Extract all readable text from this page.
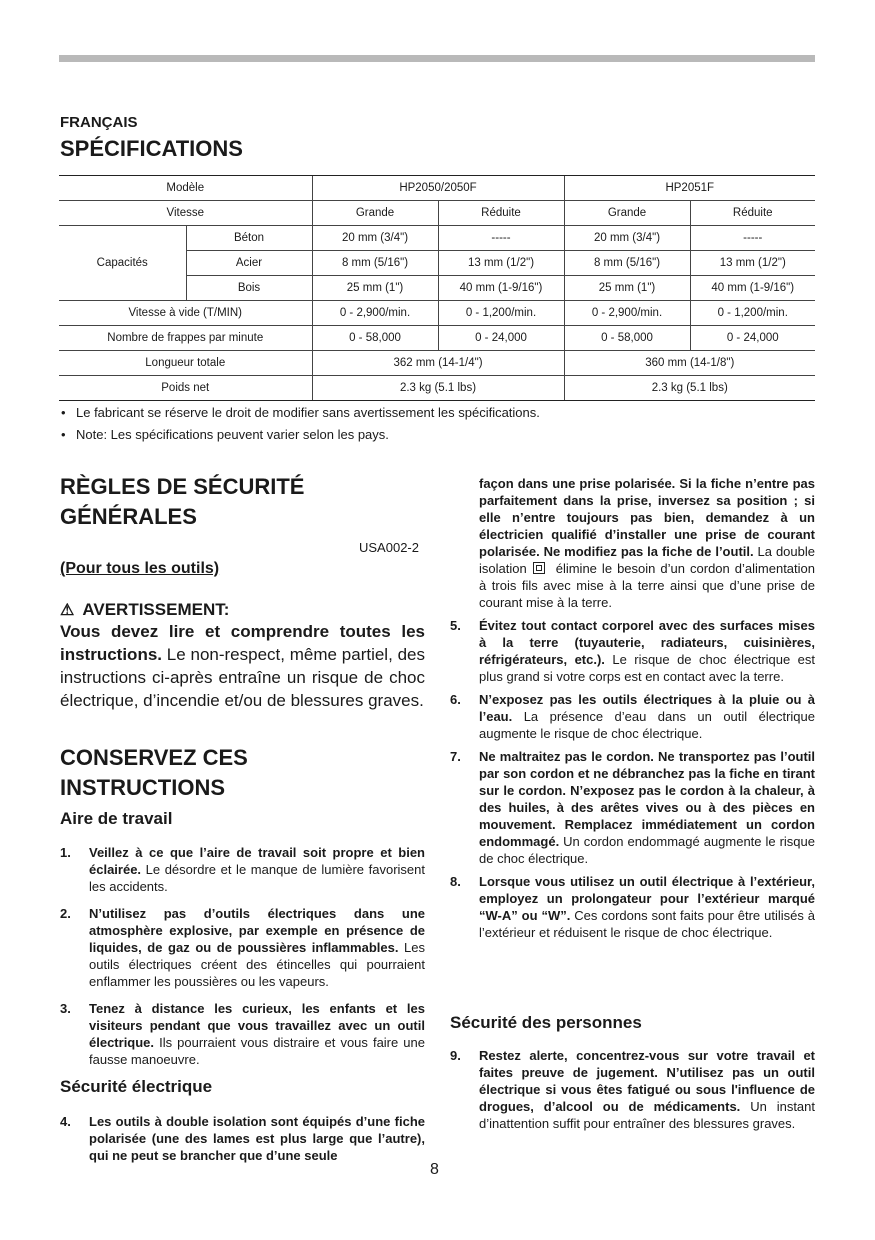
FRANÇAIS
SPÉCIFICATIONS
Modèle		HP2050/2050F		HP2051F	
Vitesse		Grande	Réduite	Grande	Réduite
Capacités	Béton	20 mm (3/4")	-----	20 mm (3/4")	-----
	Acier	8 mm (5/16")	13 mm (1/2")	8 mm (5/16")	13 mm (1/2")
	Bois	25 mm (1")	40 mm (1-9/16")	25 mm (1")	40 mm (1-9/16")
Vitesse à vide (T/MIN)		0 - 2,900/min.	0 - 1,200/min.	0 - 2,900/min.	0 - 1,200/min.
Nombre de frappes par minute		0 - 58,000	0 - 24,000	0 - 58,000	0 - 24,000
Longueur totale		362 mm (14-1/4")		360 mm (14-1/8")	
Poids net		2.3 kg (5.1 lbs)		2.3 kg (5.1 lbs)	
• Le fabricant se réserve le droit de modifier sans avertissement les spécifications.
• Note: Les spécifications peuvent varier selon les pays.
RÈGLES DE SÉCURITÉ
GÉNÉRALES
USA002-2
(Pour tous les outils)
⚠ AVERTISSEMENT:

Vous devez lire et comprendre toutes les instructions. Le non-respect, même partiel, des instructions ci-après entraîne un risque de choc électrique, d’incendie et/ou de blessures graves.

CONSERVEZ CES
INSTRUCTIONS
Aire de travail
1. Veillez à ce que l’aire de travail soit propre et bien éclairée. Le désordre et le manque de lumière favorisent les accidents.
2. N’utilisez pas d’outils électriques dans une atmosphère explosive, par exemple en présence de liquides, de gaz ou de poussières inflammables. Les outils électriques créent des étincelles qui pourraient enflammer les poussières ou les vapeurs.
3. Tenez à distance les curieux, les enfants et les visiteurs pendant que vous travaillez avec un outil électrique. Ils pourraient vous distraire et vous faire une fausse manoeuvre.
Sécurité électrique
4. Les outils à double isolation sont équipés d’une fiche polarisée (une des lames est plus large que l’autre), qui ne peut se brancher que d’une seule
façon dans une prise polarisée. Si la fiche n’entre pas parfaitement dans la prise, inversez sa position ; si elle n’entre toujours pas bien, demandez à un électricien qualifié d’installer une prise de courant polarisée. Ne modifiez pas la fiche de l’outil. La double isolation élimine le besoin d’un cordon d’alimentation à trois fils avec mise à la terre ainsi que d’une prise de courant mise à la terre.
5. Évitez tout contact corporel avec des surfaces mises à la terre (tuyauterie, radiateurs, cuisinières, réfrigérateurs, etc.). Le risque de choc électrique est plus grand si votre corps est en contact avec la terre.
6. N’exposez pas les outils électriques à la pluie ou à l’eau. La présence d’eau dans un outil électrique augmente le risque de choc électrique.
7. Ne maltraitez pas le cordon. Ne transportez pas l’outil par son cordon et ne débranchez pas la fiche en tirant sur le cordon. N’exposez pas le cordon à la chaleur, à des huiles, à des arêtes vives ou à des pièces en mouvement. Remplacez immédiatement un cordon endommagé. Un cordon endommagé augmente le risque de choc électrique.
8. Lorsque vous utilisez un outil électrique à l’extérieur, employez un prolongateur pour l’extérieur marqué “W-A” ou “W”. Ces cordons sont faits pour être utilisés à l’extérieur et réduisent le risque de choc électrique.
Sécurité des personnes
9. Restez alerte, concentrez-vous sur votre travail et faites preuve de jugement. N’utilisez pas un outil électrique si vous êtes fatigué ou sous l'influence de drogues, d’alcool ou de médicaments. Un instant d’inattention suffit pour entraîner des blessures graves.
8
